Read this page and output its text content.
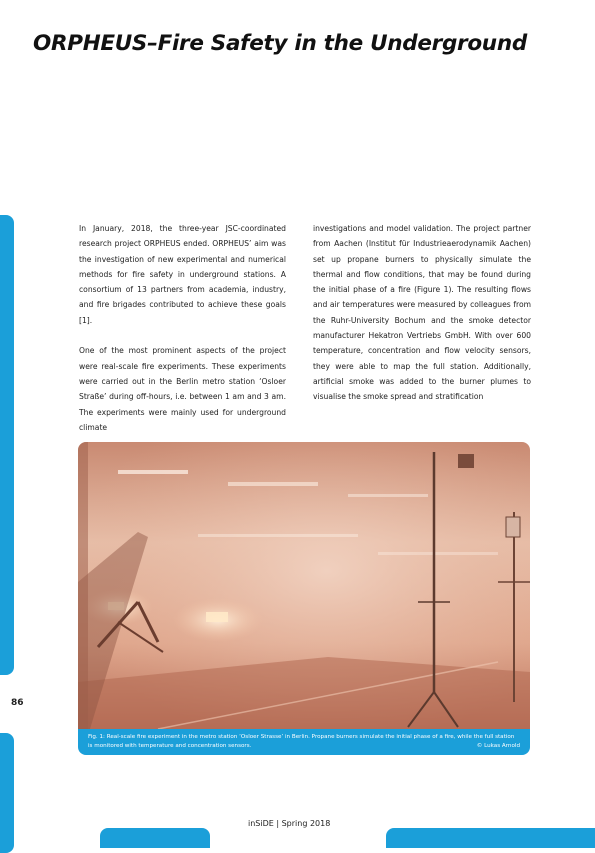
ORPHEUS–Fire Safety in the Underground
86

In January, 2018, the three-year JSC-coordinated research project ORPHEUS ended. ORPHEUS’ aim was the investigation of new experimental and numerical methods for fire safety in underground stations. A consortium of 13 partners from academia, industry, and fire brigades contributed to achieve these goals [1].

One of the most prominent aspects of the project were real-scale fire experiments. These experiments were carried out in the Berlin metro station ‘Osloer Straße’ during off-hours, i.e. between 1 am and 3 am. The experiments were mainly used for underground climate

investigations and model validation. The project partner from Aachen (Institut für Industrieaerodynamik Aachen) set up propane burners to physically simulate the thermal and flow conditions, that may be found during the initial phase of a fire (Figure 1). The resulting flows and air temperatures were measured by colleagues from the Ruhr-University Bochum and the smoke detector manufacturer Hekatron Vertriebs GmbH. With over 600 temperature, concentration and flow velocity sensors, they were able to map the full station. Additionally, artificial smoke was added to the burner plumes to visualise the smoke spread and stratification

Fig. 1: Real-scale fire experiment in the metro station ‘Osloer Strasse’ in Berlin. Propane burners simulate the initial phase of a fire, while the full station is monitored with temperature and concentration sensors.	© Lukas Arnold
inSiDE | Spring 2018
